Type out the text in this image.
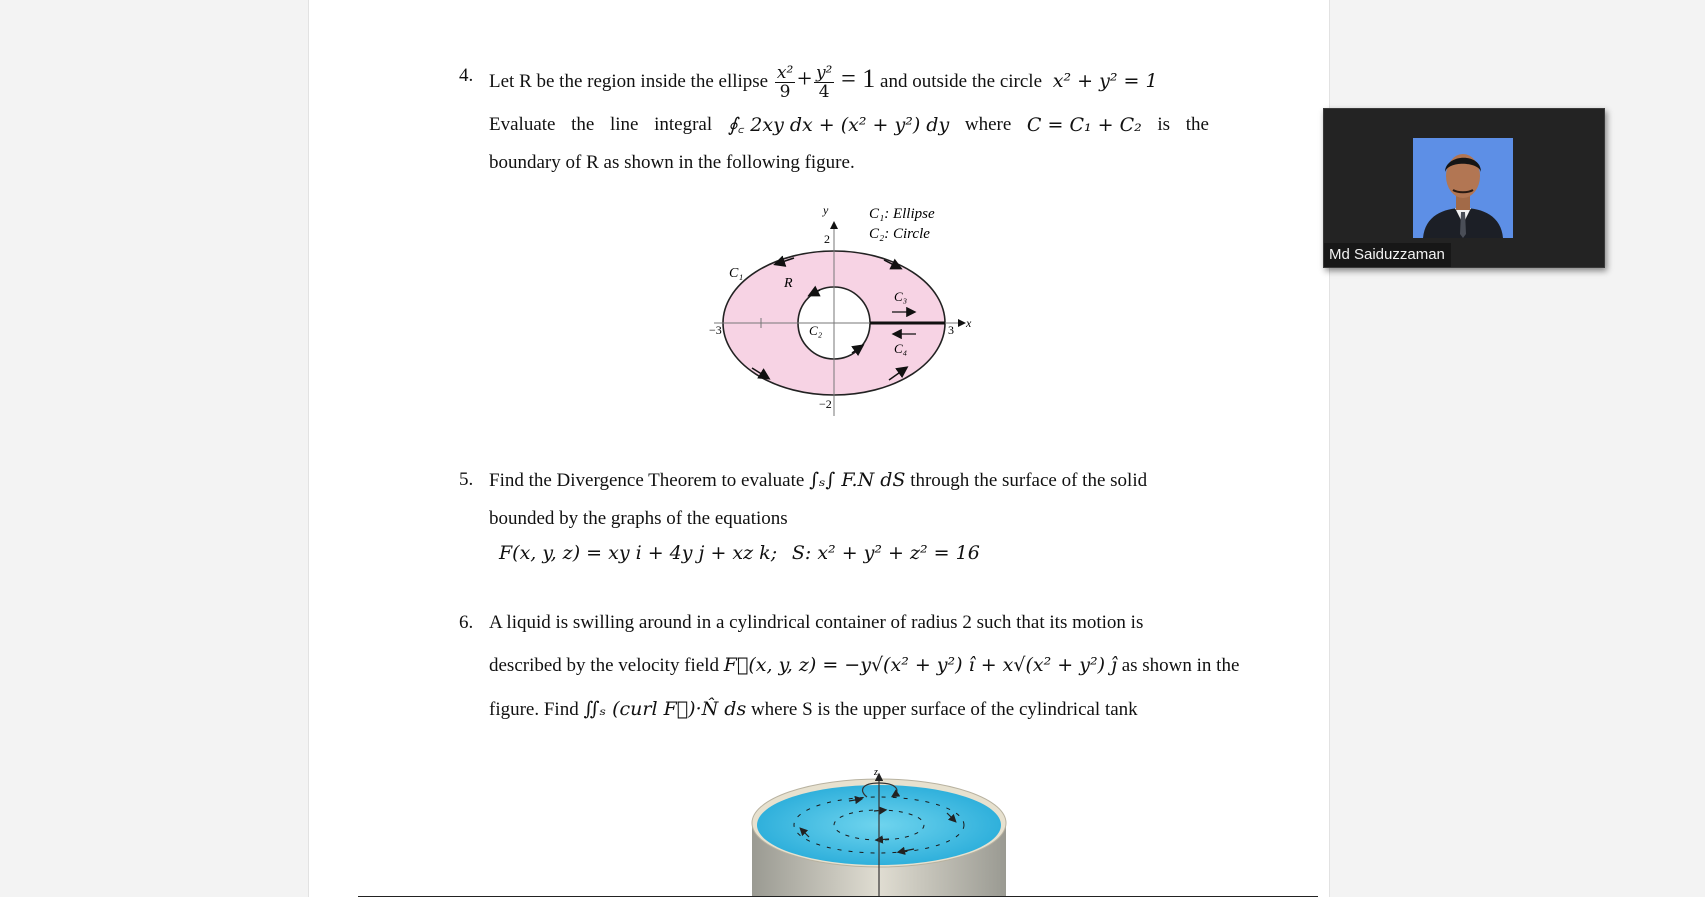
4. Let R be the region inside the ellipse $\frac{\text{x²}}{9} + \frac{\text{y²}}{4} = 1$ and outside the circle x² + y² = 1
Evaluate the line integral ∮꜀ 2xy dx + (x² + y²) dy where C = C₁ + C₂ is the
boundary of R as shown in the following figure.
C₁: Ellipse
C₂: Circle
y
x
C₁
R
C₂
C₃
C₄
2
−2
−3	3
5. Find the Divergence Theorem to evaluate ∫ₛ∫ F.N dS through the surface of the solid
bounded by the graphs of the equations
F(x, y, z) = xy i + 4y j + xz k; S: x² + y² + z² = 16
6. A liquid is swilling around in a cylindrical container of radius 2 such that its motion is
described by the velocity field F⃗(x, y, z) = −y√(x² + y²) î + x√(x² + y²) ĵ as shown in the
figure. Find ∬ₛ (curl F⃗)·N̂ ds where S is the upper surface of the cylindrical tank
z
Md Saiduzzaman
